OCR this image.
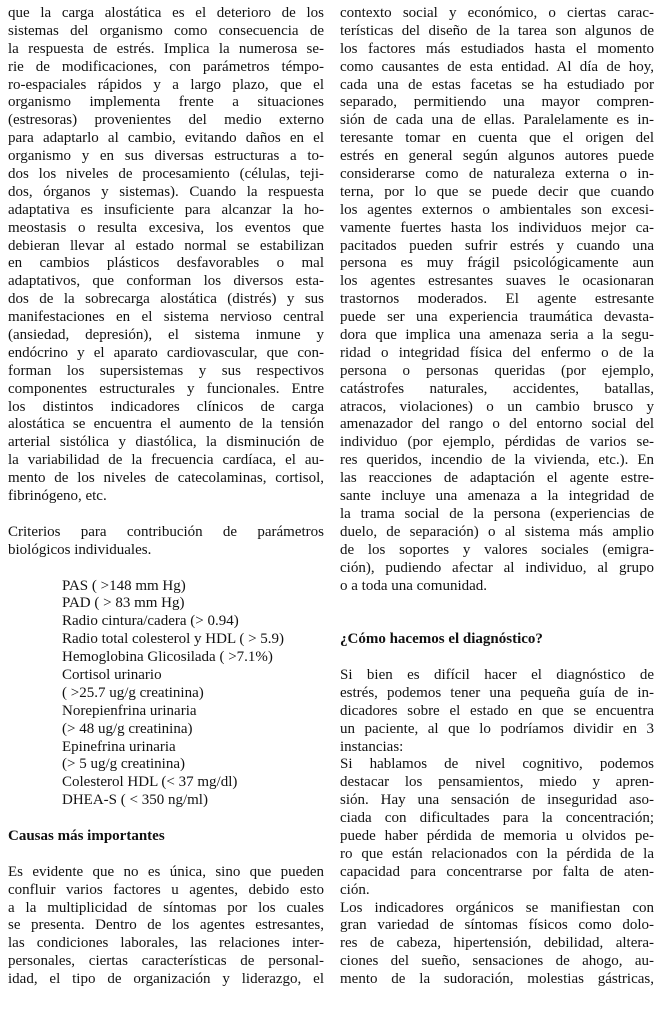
que la carga alostática es el deterioro de los
sistemas del organismo como consecuencia de
la respuesta de estrés. Implica la numerosa se-
rie de modificaciones, con parámetros témpo-
ro-espaciales rápidos y a largo plazo, que el
organismo implementa frente a situaciones
(estresoras) provenientes del medio externo
para adaptarlo al cambio, evitando daños en el
organismo y en sus diversas estructuras a to-
dos los niveles de procesamiento (células, teji-
dos, órganos y sistemas). Cuando la respuesta
adaptativa es insuficiente para alcanzar la ho-
meostasis o resulta excesiva, los eventos que
debieran llevar al estado normal se estabilizan
en cambios plásticos desfavorables o mal
adaptativos, que conforman los diversos esta-
dos de la sobrecarga alostática (distrés) y sus
manifestaciones en el sistema nervioso central
(ansiedad, depresión), el sistema inmune y
endócrino y el aparato cardiovascular, que con-
forman los supersistemas y sus respectivos
componentes estructurales y funcionales. Entre
los distintos indicadores clínicos de carga
alostática se encuentra el aumento de la tensión
arterial sistólica y diastólica, la disminución de
la variabilidad de la frecuencia cardíaca, el au-
mento de los niveles de catecolaminas, cortisol,
fibrinógeno, etc.
Criterios para contribución de parámetros
biológicos individuales.
PAS ( >148 mm Hg)
PAD ( > 83 mm Hg)
Radio cintura/cadera (> 0.94)
Radio total colesterol y HDL ( > 5.9)
Hemoglobina Glicosilada ( >7.1%)
Cortisol urinario
( >25.7 ug/g creatinina)
Norepienfrina urinaria
(> 48 ug/g creatinina)
Epinefrina urinaria
(> 5 ug/g creatinina)
Colesterol HDL (< 37 mg/dl)
DHEA-S ( < 350 ng/ml)
Causas más importantes
Es evidente que no es única, sino que pueden
confluir varios factores u agentes, debido esto
a la multiplicidad de síntomas por los cuales
se presenta. Dentro de los agentes estresantes,
las condiciones laborales, las relaciones inter-
personales, ciertas características de personal-
idad, el tipo de organización y liderazgo, el
contexto social y económico, o ciertas carac-
terísticas del diseño de la tarea son algunos de
los factores más estudiados hasta el momento
como causantes de esta entidad. Al día de hoy,
cada una de estas facetas se ha estudiado por
separado, permitiendo una mayor compren-
sión de cada una de ellas. Paralelamente es in-
teresante tomar en cuenta que el origen del
estrés en general según algunos autores puede
considerarse como de naturaleza externa o in-
terna, por lo que se puede decir que cuando
los agentes externos o ambientales son excesi-
vamente fuertes hasta los individuos mejor ca-
pacitados pueden sufrir estrés y cuando una
persona es muy frágil psicológicamente aun
los agentes estresantes suaves le ocasionaran
trastornos moderados. El agente estresante
puede ser una experiencia traumática devasta-
dora que implica una amenaza seria a la segu-
ridad o integridad física del enfermo o de la
persona o personas queridas (por ejemplo,
catástrofes naturales, accidentes, batallas,
atracos, violaciones) o un cambio brusco y
amenazador del rango o del entorno social del
individuo (por ejemplo, pérdidas de varios se-
res queridos, incendio de la vivienda, etc.). En
las reacciones de adaptación el agente estre-
sante incluye una amenaza a la integridad de
la trama social de la persona (experiencias de
duelo, de separación) o al sistema más amplio
de los soportes y valores sociales (emigra-
ción), pudiendo afectar al individuo, al grupo
o a toda una comunidad.
¿Cómo hacemos el diagnóstico?
Si bien es difícil hacer el diagnóstico de
estrés, podemos tener una pequeña guía de in-
dicadores sobre el estado en que se encuentra
un paciente, al que lo podríamos dividir en 3
instancias:
Si hablamos de nivel cognitivo, podemos
destacar los pensamientos, miedo y apren-
sión. Hay una sensación de inseguridad aso-
ciada con dificultades para la concentración;
puede haber pérdida de memoria u olvidos pe-
ro que están relacionados con la pérdida de la
capacidad para concentrarse por falta de aten-
ción.
Los indicadores orgánicos se manifiestan con
gran variedad de síntomas físicos como dolo-
res de cabeza, hipertensión, debilidad, altera-
ciones del sueño, sensaciones de ahogo, au-
mento de la sudoración, molestias gástricas,
